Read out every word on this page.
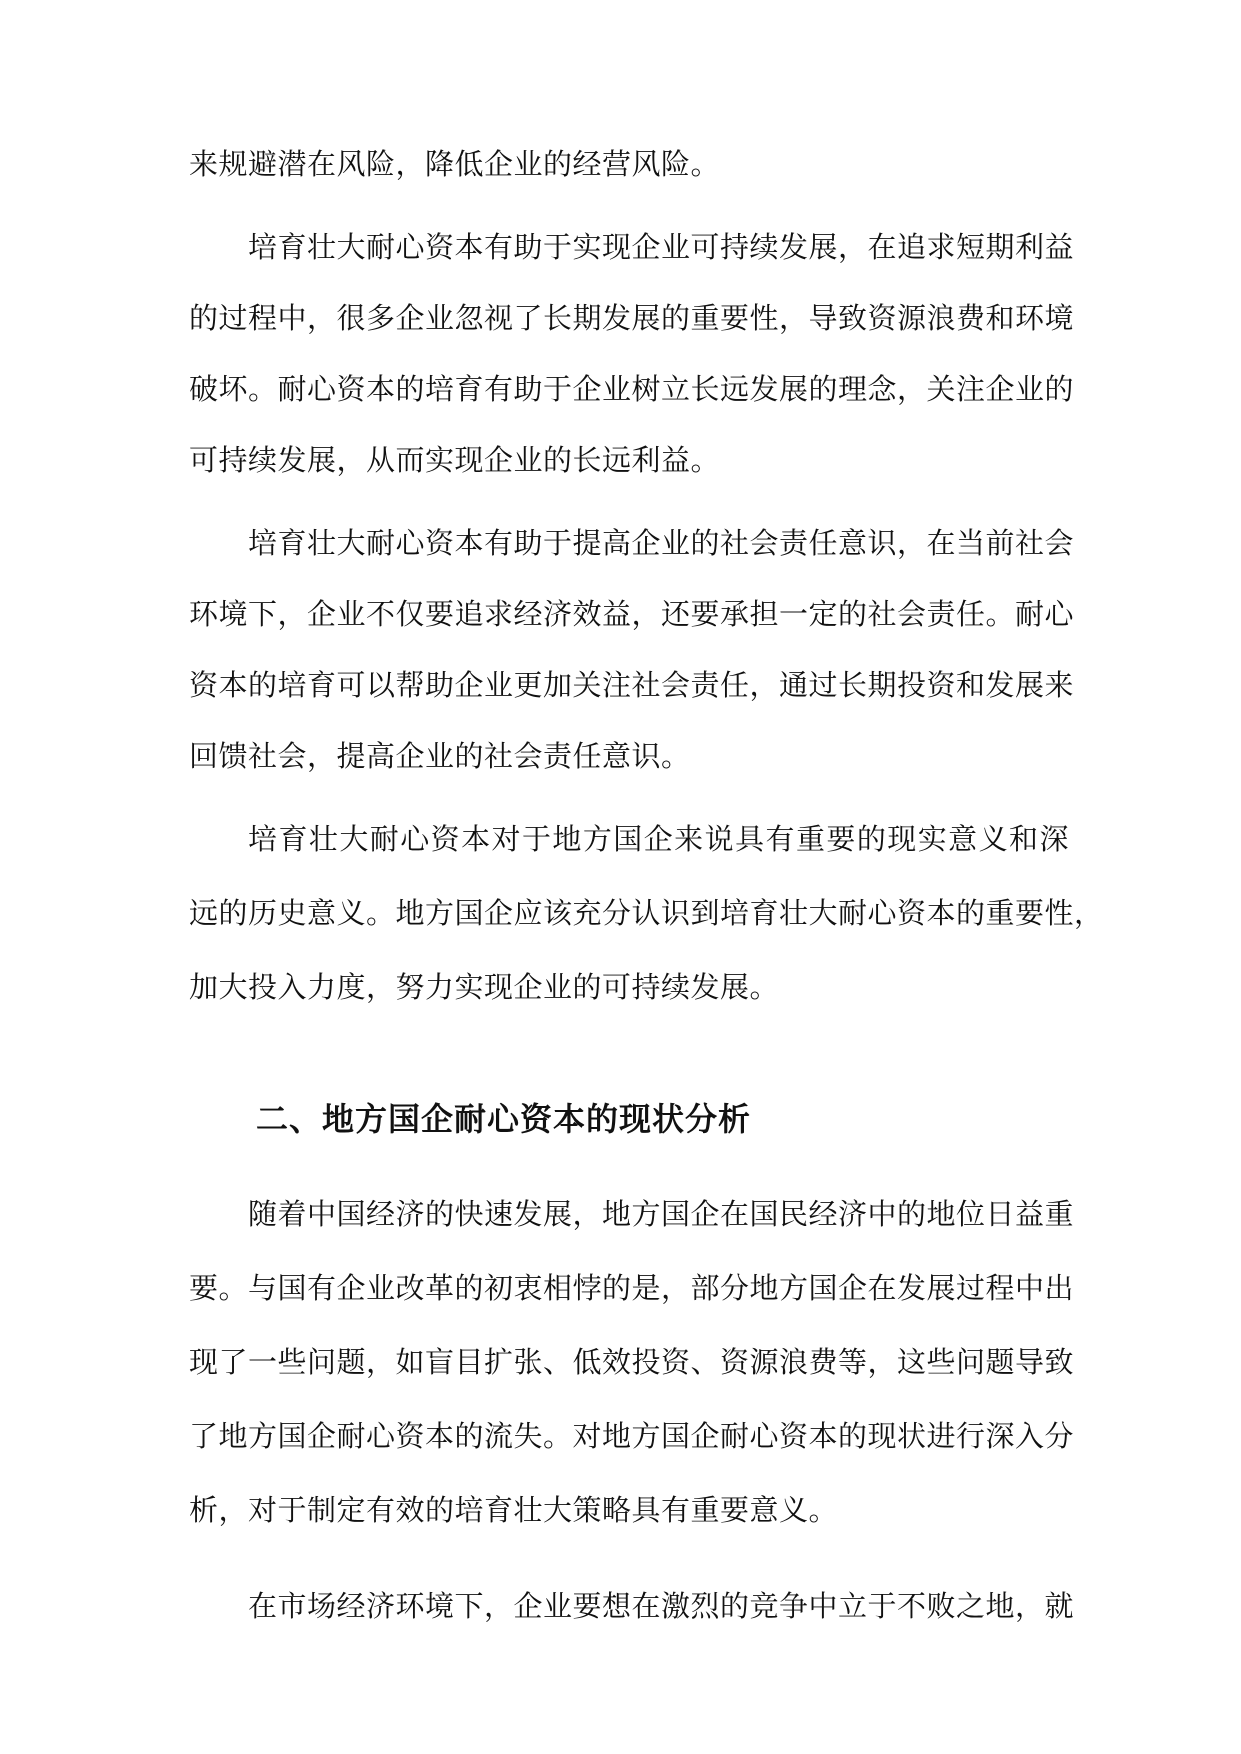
来规避潜在风险，降低企业的经营风险。
培育壮大耐心资本有助于实现企业可持续发展，在追求短期利益
的过程中，很多企业忽视了长期发展的重要性，导致资源浪费和环境
破坏。耐心资本的培育有助于企业树立长远发展的理念，关注企业的
可持续发展，从而实现企业的长远利益。
培育壮大耐心资本有助于提高企业的社会责任意识，在当前社会
环境下，企业不仅要追求经济效益，还要承担一定的社会责任。耐心
资本的培育可以帮助企业更加关注社会责任，通过长期投资和发展来
回馈社会，提高企业的社会责任意识。
培育壮大耐心资本对于地方国企来说具有重要的现实意义和深
远的历史意义。地方国企应该充分认识到培育壮大耐心资本的重要性，
加大投入力度，努力实现企业的可持续发展。
二、地方国企耐心资本的现状分析
随着中国经济的快速发展，地方国企在国民经济中的地位日益重
要。与国有企业改革的初衷相悖的是，部分地方国企在发展过程中出
现了一些问题，如盲目扩张、低效投资、资源浪费等，这些问题导致
了地方国企耐心资本的流失。对地方国企耐心资本的现状进行深入分
析，对于制定有效的培育壮大策略具有重要意义。
在市场经济环境下，企业要想在激烈的竞争中立于不败之地，就
